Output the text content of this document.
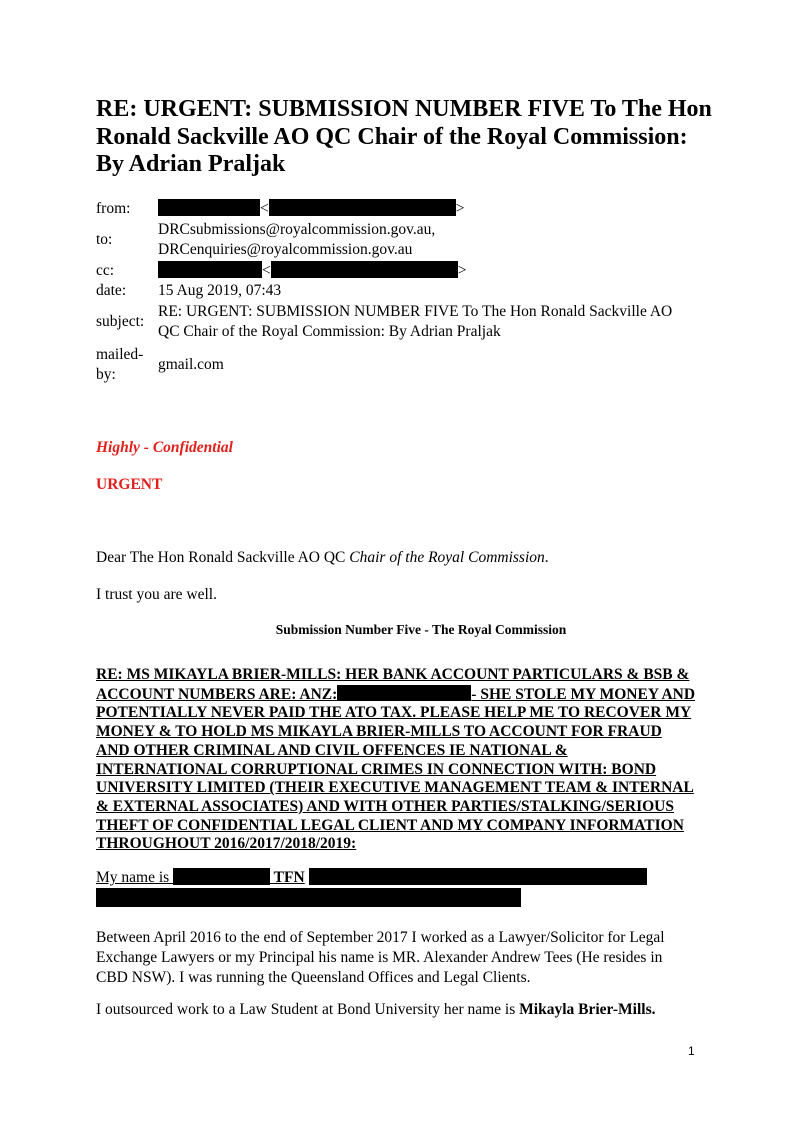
RE: URGENT: SUBMISSION NUMBER FIVE To The Hon Ronald Sackville AO QC Chair of the Royal Commission: By Adrian Praljak
from:	< >
to:	DRCsubmissions@royalcommission.gov.au,
DRCenquiries@royalcommission.gov.au

cc:	< >
date:	15 Aug 2019, 07:43
subject:	RE: URGENT: SUBMISSION NUMBER FIVE To The Hon Ronald Sackville AO
QC Chair of the Royal Commission: By Adrian Praljak

mailed-
by:	gmail.com

Highly - Confidential

URGENT

Dear The Hon Ronald Sackville AO QC Chair of the Royal Commission.

I trust you are well.

Submission Number Five - The Royal Commission

RE: MS MIKAYLA BRIER-MILLS: HER BANK ACCOUNT PARTICULARS & BSB & ACCOUNT NUMBERS ARE: ANZ:	- SHE STOLE MY MONEY AND POTENTIALLY NEVER PAID THE ATO TAX. PLEASE HELP ME TO RECOVER MY MONEY & TO HOLD MS MIKAYLA BRIER-MILLS TO ACCOUNT FOR FRAUD AND OTHER CRIMINAL AND CIVIL OFFENCES IE NATIONAL & INTERNATIONAL CORRUPTIONAL CRIMES IN CONNECTION WITH: BOND UNIVERSITY LIMITED (THEIR EXECUTIVE MANAGEMENT TEAM & INTERNAL & EXTERNAL ASSOCIATES) AND WITH OTHER PARTIES/STALKING/SERIOUS THEFT OF CONFIDENTIAL LEGAL CLIENT AND MY COMPANY INFORMATION THROUGHOUT 2016/2017/2018/2019:

My name is	TFN

Between April 2016 to the end of September 2017 I worked as a Lawyer/Solicitor for Legal Exchange Lawyers or my Principal his name is MR. Alexander Andrew Tees (He resides in CBD NSW). I was running the Queensland Offices and Legal Clients.

I outsourced work to a Law Student at Bond University her name is Mikayla Brier-Mills.

1
